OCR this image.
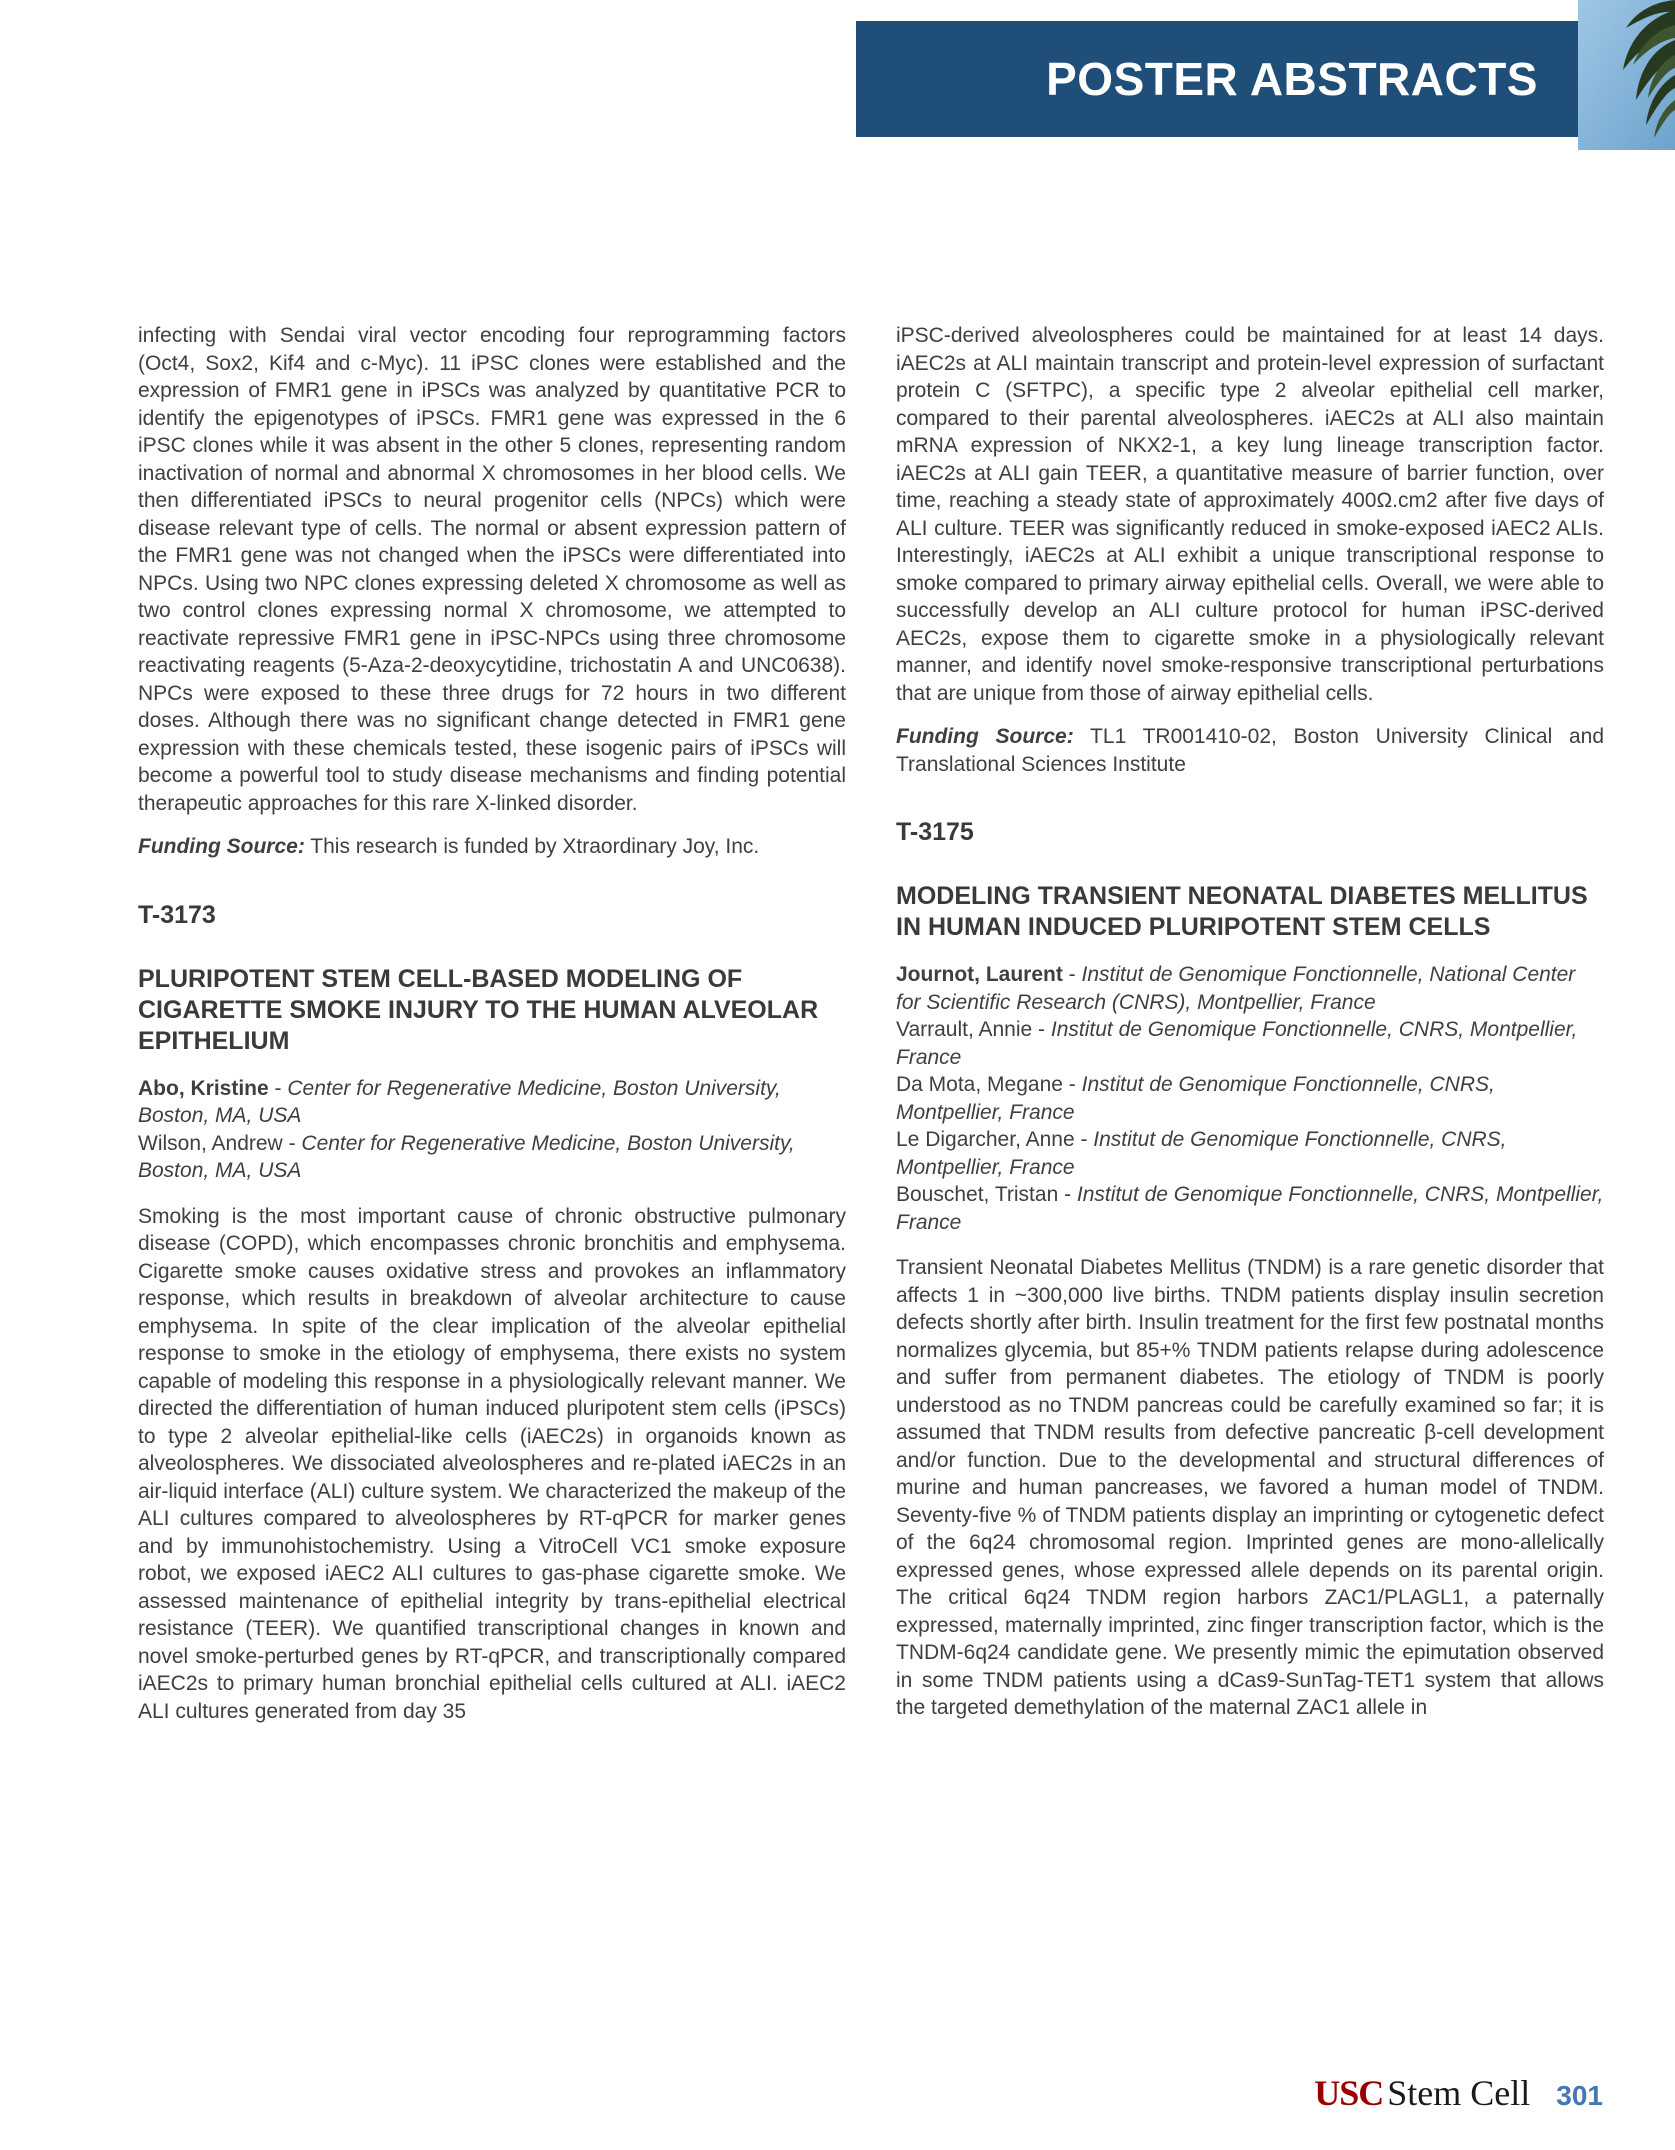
POSTER ABSTRACTS

infecting with Sendai viral vector encoding four reprogramming factors (Oct4, Sox2, Kif4 and c-Myc). 11 iPSC clones were established and the expression of FMR1 gene in iPSCs was analyzed by quantitative PCR to identify the epigenotypes of iPSCs. FMR1 gene was expressed in the 6 iPSC clones while it was absent in the other 5 clones, representing random inactivation of normal and abnormal X chromosomes in her blood cells. We then differentiated iPSCs to neural progenitor cells (NPCs) which were disease relevant type of cells. The normal or absent expression pattern of the FMR1 gene was not changed when the iPSCs were differentiated into NPCs. Using two NPC clones expressing deleted X chromosome as well as two control clones expressing normal X chromosome, we attempted to reactivate repressive FMR1 gene in iPSC-NPCs using three chromosome reactivating reagents (5-Aza-2-deoxycytidine, trichostatin A and UNC0638). NPCs were exposed to these three drugs for 72 hours in two different doses. Although there was no significant change detected in FMR1 gene expression with these chemicals tested, these isogenic pairs of iPSCs will become a powerful tool to study disease mechanisms and finding potential therapeutic approaches for this rare X-linked disorder.

Funding Source: This research is funded by Xtraordinary Joy, Inc.

T-3173
PLURIPOTENT STEM CELL-BASED MODELING OF CIGARETTE SMOKE INJURY TO THE HUMAN ALVEOLAR EPITHELIUM

Abo, Kristine - Center for Regenerative Medicine, Boston University, Boston, MA, USA

Wilson, Andrew - Center for Regenerative Medicine, Boston University, Boston, MA, USA

Smoking is the most important cause of chronic obstructive pulmonary disease (COPD), which encompasses chronic bronchitis and emphysema. Cigarette smoke causes oxidative stress and provokes an inflammatory response, which results in breakdown of alveolar architecture to cause emphysema. In spite of the clear implication of the alveolar epithelial response to smoke in the etiology of emphysema, there exists no system capable of modeling this response in a physiologically relevant manner. We directed the differentiation of human induced pluripotent stem cells (iPSCs) to type 2 alveolar epithelial-like cells (iAEC2s) in organoids known as alveolospheres. We dissociated alveolospheres and re-plated iAEC2s in an air-liquid interface (ALI) culture system. We characterized the makeup of the ALI cultures compared to alveolospheres by RT-qPCR for marker genes and by immunohistochemistry. Using a VitroCell VC1 smoke exposure robot, we exposed iAEC2 ALI cultures to gas-phase cigarette smoke. We assessed maintenance of epithelial integrity by trans-epithelial electrical resistance (TEER). We quantified transcriptional changes in known and novel smoke-perturbed genes by RT-qPCR, and transcriptionally compared iAEC2s to primary human bronchial epithelial cells cultured at ALI. iAEC2 ALI cultures generated from day 35

iPSC-derived alveolospheres could be maintained for at least 14 days. iAEC2s at ALI maintain transcript and protein-level expression of surfactant protein C (SFTPC), a specific type 2 alveolar epithelial cell marker, compared to their parental alveolospheres. iAEC2s at ALI also maintain mRNA expression of NKX2-1, a key lung lineage transcription factor. iAEC2s at ALI gain TEER, a quantitative measure of barrier function, over time, reaching a steady state of approximately 400Ω.cm2 after five days of ALI culture. TEER was significantly reduced in smoke-exposed iAEC2 ALIs. Interestingly, iAEC2s at ALI exhibit a unique transcriptional response to smoke compared to primary airway epithelial cells. Overall, we were able to successfully develop an ALI culture protocol for human iPSC-derived AEC2s, expose them to cigarette smoke in a physiologically relevant manner, and identify novel smoke-responsive transcriptional perturbations that are unique from those of airway epithelial cells.

Funding Source: TL1 TR001410-02, Boston University Clinical and Translational Sciences Institute

T-3175
MODELING TRANSIENT NEONATAL DIABETES MELLITUS IN HUMAN INDUCED PLURIPOTENT STEM CELLS

Journot, Laurent - Institut de Genomique Fonctionnelle, National Center for Scientific Research (CNRS), Montpellier, France

Varrault, Annie - Institut de Genomique Fonctionnelle, CNRS, Montpellier, France

Da Mota, Megane - Institut de Genomique Fonctionnelle, CNRS, Montpellier, France

Le Digarcher, Anne - Institut de Genomique Fonctionnelle, CNRS, Montpellier, France

Bouschet, Tristan - Institut de Genomique Fonctionnelle, CNRS, Montpellier, France

Transient Neonatal Diabetes Mellitus (TNDM) is a rare genetic disorder that affects 1 in ~300,000 live births. TNDM patients display insulin secretion defects shortly after birth. Insulin treatment for the first few postnatal months normalizes glycemia, but 85+% TNDM patients relapse during adolescence and suffer from permanent diabetes. The etiology of TNDM is poorly understood as no TNDM pancreas could be carefully examined so far; it is assumed that TNDM results from defective pancreatic β-cell development and/or function. Due to the developmental and structural differences of murine and human pancreases, we favored a human model of TNDM. Seventy-five % of TNDM patients display an imprinting or cytogenetic defect of the 6q24 chromosomal region. Imprinted genes are mono-allelically expressed genes, whose expressed allele depends on its parental origin. The critical 6q24 TNDM region harbors ZAC1/PLAGL1, a paternally expressed, maternally imprinted, zinc finger transcription factor, which is the TNDM-6q24 candidate gene. We presently mimic the epimutation observed in some TNDM patients using a dCas9-SunTag-TET1 system that allows the targeted demethylation of the maternal ZAC1 allele in

USC Stem Cell 301
